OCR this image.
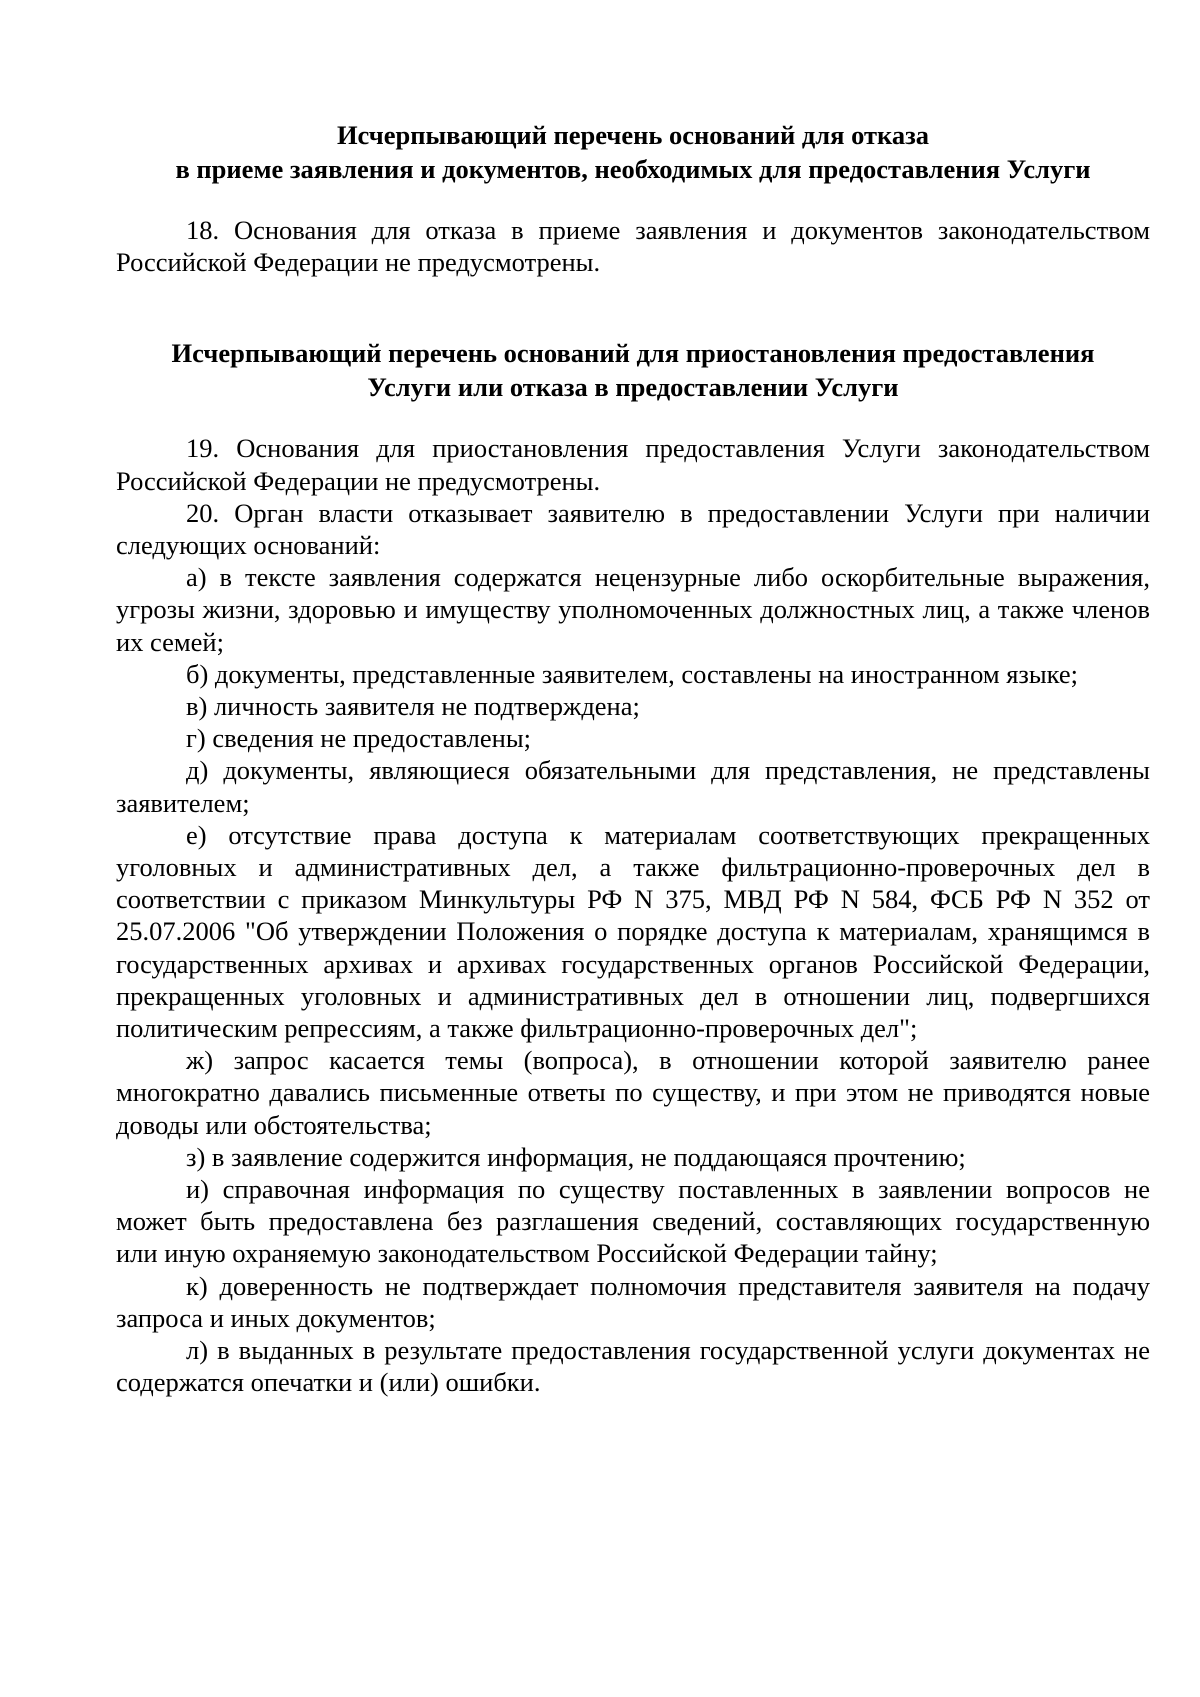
Исчерпывающий перечень оснований для отказа
в приеме заявления и документов, необходимых для предоставления Услуги

18. Основания для отказа в приеме заявления и документов законодательством Российской Федерации не предусмотрены.

Исчерпывающий перечень оснований для приостановления предоставления
Услуги или отказа в предоставлении Услуги

19. Основания для приостановления предоставления Услуги законодательством Российской Федерации не предусмотрены.

20. Орган власти отказывает заявителю в предоставлении Услуги при наличии следующих оснований:

а) в тексте заявления содержатся нецензурные либо оскорбительные выражения, угрозы жизни, здоровью и имуществу уполномоченных должностных лиц, а также членов их семей;

б) документы, представленные заявителем, составлены на иностранном языке;

в) личность заявителя не подтверждена;

г) сведения не предоставлены;

д) документы, являющиеся обязательными для представления, не представлены заявителем;

е) отсутствие права доступа к материалам соответствующих прекращенных уголовных и административных дел, а также фильтрационно-проверочных дел в соответствии с приказом Минкультуры РФ N 375, МВД РФ N 584, ФСБ РФ N 352 от 25.07.2006 "Об утверждении Положения о порядке доступа к материалам, хранящимся в государственных архивах и архивах государственных органов Российской Федерации, прекращенных уголовных и административных дел в отношении лиц, подвергшихся политическим репрессиям, а также фильтрационно-проверочных дел";

ж) запрос касается темы (вопроса), в отношении которой заявителю ранее многократно давались письменные ответы по существу, и при этом не приводятся новые доводы или обстоятельства;

з) в заявление содержится информация, не поддающаяся прочтению;

и) справочная информация по существу поставленных в заявлении вопросов не может быть предоставлена без разглашения сведений, составляющих государственную или иную охраняемую законодательством Российской Федерации тайну;

к) доверенность не подтверждает полномочия представителя заявителя на подачу запроса и иных документов;

л) в выданных в результате предоставления государственной услуги документах не содержатся опечатки и (или) ошибки.
